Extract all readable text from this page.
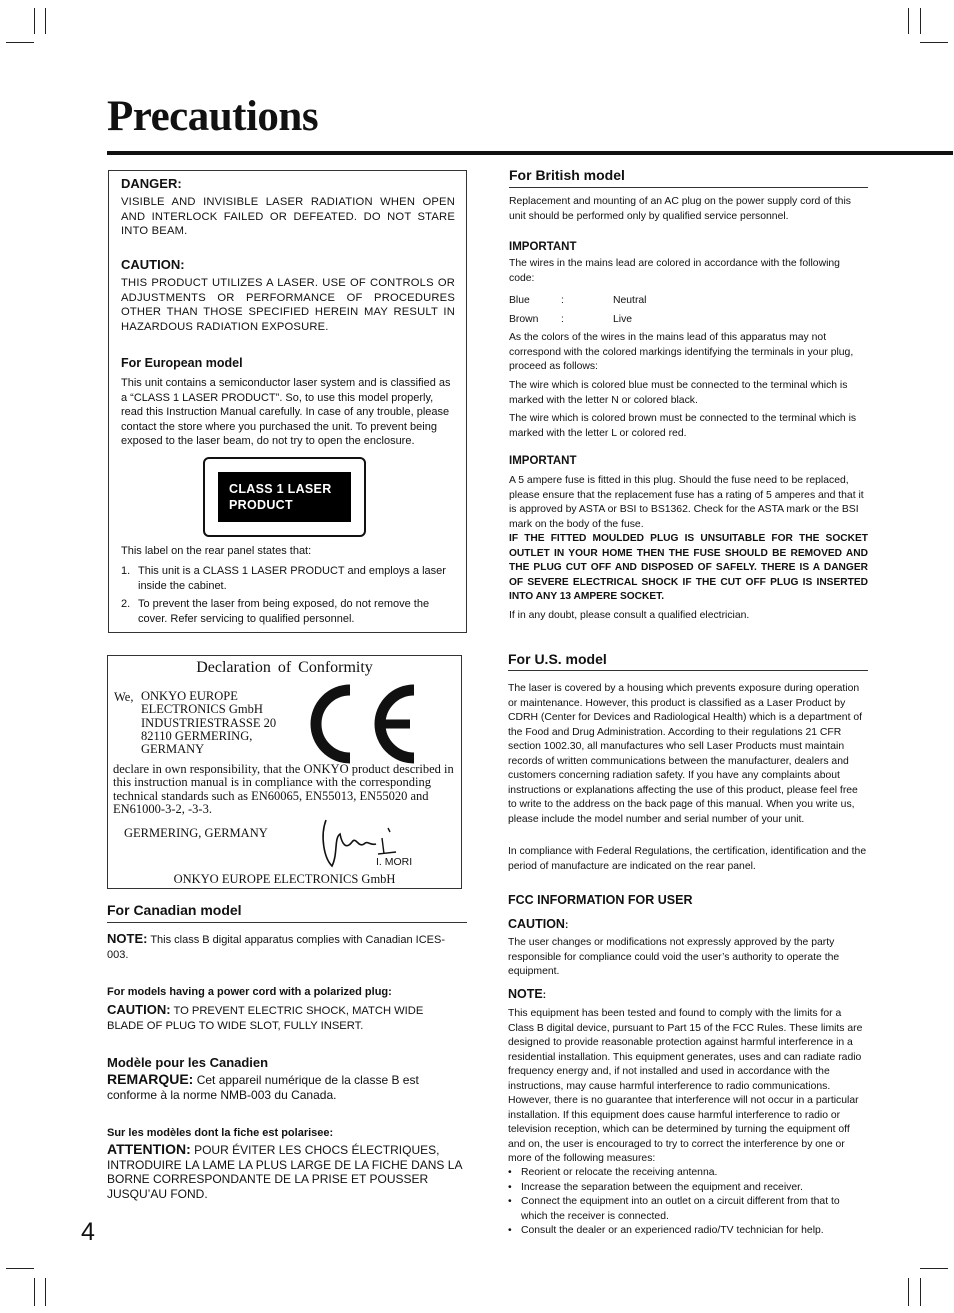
Precautions
DANGER:

VISIBLE AND INVISIBLE LASER RADIATION WHEN OPEN AND INTERLOCK FAILED OR DEFEATED. DO NOT STARE INTO BEAM.

CAUTION:

THIS PRODUCT UTILIZES A LASER. USE OF CONTROLS OR ADJUSTMENTS OR PERFORMANCE OF PROCEDURES OTHER THAN THOSE SPECIFIED HEREIN MAY RESULT IN HAZARDOUS RADIATION EXPOSURE.

For European model

This unit contains a semiconductor laser system and is classified as a “CLASS 1 LASER PRODUCT”. So, to use this model properly, read this Instruction Manual carefully. In case of any trouble, please contact the store where you purchased the unit. To prevent being exposed to the laser beam, do not try to open the enclosure.

CLASS 1 LASER
PRODUCT
This label on the rear panel states that:
1. This unit is a CLASS 1 LASER PRODUCT and employs a laser inside the cabinet.
2. To prevent the laser from being exposed, do not remove the cover. Refer servicing to qualified personnel.
Declaration of Conformity
We, ONKYO EUROPE
ELECTRONICS GmbH
INDUSTRIESTRASSE 20
82110 GERMERING,
GERMANY

declare in own responsibility, that the ONKYO product described in this instruction manual is in compliance with the corresponding technical standards such as EN60065, EN55013, EN55020 and EN61000-3-2, -3-3.

GERMERING, GERMANY
I. MORI
ONKYO EUROPE ELECTRONICS GmbH
For Canadian model

NOTE: This class B digital apparatus complies with Canadian ICES-003.

For models having a power cord with a polarized plug:

CAUTION: TO PREVENT ELECTRIC SHOCK, MATCH WIDE BLADE OF PLUG TO WIDE SLOT, FULLY INSERT.

Modèle pour les Canadien

REMARQUE: Cet appareil numérique de la classe B est conforme à la norme NMB-003 du Canada.

Sur les modèles dont la fiche est polarisee:

ATTENTION: POUR ÉVITER LES CHOCS ÉLECTRIQUES, INTRODUIRE LA LAME LA PLUS LARGE DE LA FICHE DANS LA BORNE CORRESPONDANTE DE LA PRISE ET POUSSER JUSQU’AU FOND.

For British model

Replacement and mounting of an AC plug on the power supply cord of this unit should be performed only by qualified service personnel.

IMPORTANT

The wires in the mains lead are colored in accordance with the following code:

Blue	:	Neutral
Brown :	Live

As the colors of the wires in the mains lead of this apparatus may not correspond with the colored markings identifying the terminals in your plug, proceed as follows:

The wire which is colored blue must be connected to the terminal which is marked with the letter N or colored black.

The wire which is colored brown must be connected to the terminal which is marked with the letter L or colored red.

IMPORTANT

A 5 ampere fuse is fitted in this plug. Should the fuse need to be replaced, please ensure that the replacement fuse has a rating of 5 amperes and that it is approved by ASTA or BSI to BS1362. Check for the ASTA mark or the BSI mark on the body of the fuse.

IF THE FITTED MOULDED PLUG IS UNSUITABLE FOR THE SOCKET OUTLET IN YOUR HOME THEN THE FUSE SHOULD BE REMOVED AND THE PLUG CUT OFF AND DISPOSED OF SAFELY. THERE IS A DANGER OF SEVERE ELECTRICAL SHOCK IF THE CUT OFF PLUG IS INSERTED INTO ANY 13 AMPERE SOCKET.

If in any doubt, please consult a qualified electrician.

For U.S. model

The laser is covered by a housing which prevents exposure during operation or maintenance. However, this product is classified as a Laser Product by CDRH (Center for Devices and Radiological Health) which is a department of the Food and Drug Administration. According to their regulations 21 CFR section 1002.30, all manufactures who sell Laser Products must maintain records of written communications between the manufacturer, dealers and customers concerning radiation safety. If you have any complaints about instructions or explanations affecting the use of this product, please feel free to write to the address on the back page of this manual. When you write us, please include the model number and serial number of your unit.

In compliance with Federal Regulations, the certification, identification and the period of manufacture are indicated on the rear panel.

FCC INFORMATION FOR USER
CAUTION:

The user changes or modifications not expressly approved by the party responsible for compliance could void the user’s authority to operate the equipment.

NOTE:

This equipment has been tested and found to comply with the limits for a Class B digital device, pursuant to Part 15 of the FCC Rules. These limits are designed to provide reasonable protection against harmful interference in a residential installation. This equipment generates, uses and can radiate radio frequency energy and, if not installed and used in accordance with the instructions, may cause harmful interference to radio communications. However, there is no guarantee that interference will not occur in a particular installation. If this equipment does cause harmful interference to radio or television reception, which can be determined by turning the equipment off and on, the user is encouraged to try to correct the interference by one or more of the following measures:

• Reorient or relocate the receiving antenna.
• Increase the separation between the equipment and receiver.
• Connect the equipment into an outlet on a circuit different from that to which the receiver is connected.
• Consult the dealer or an experienced radio/TV technician for help.
4
